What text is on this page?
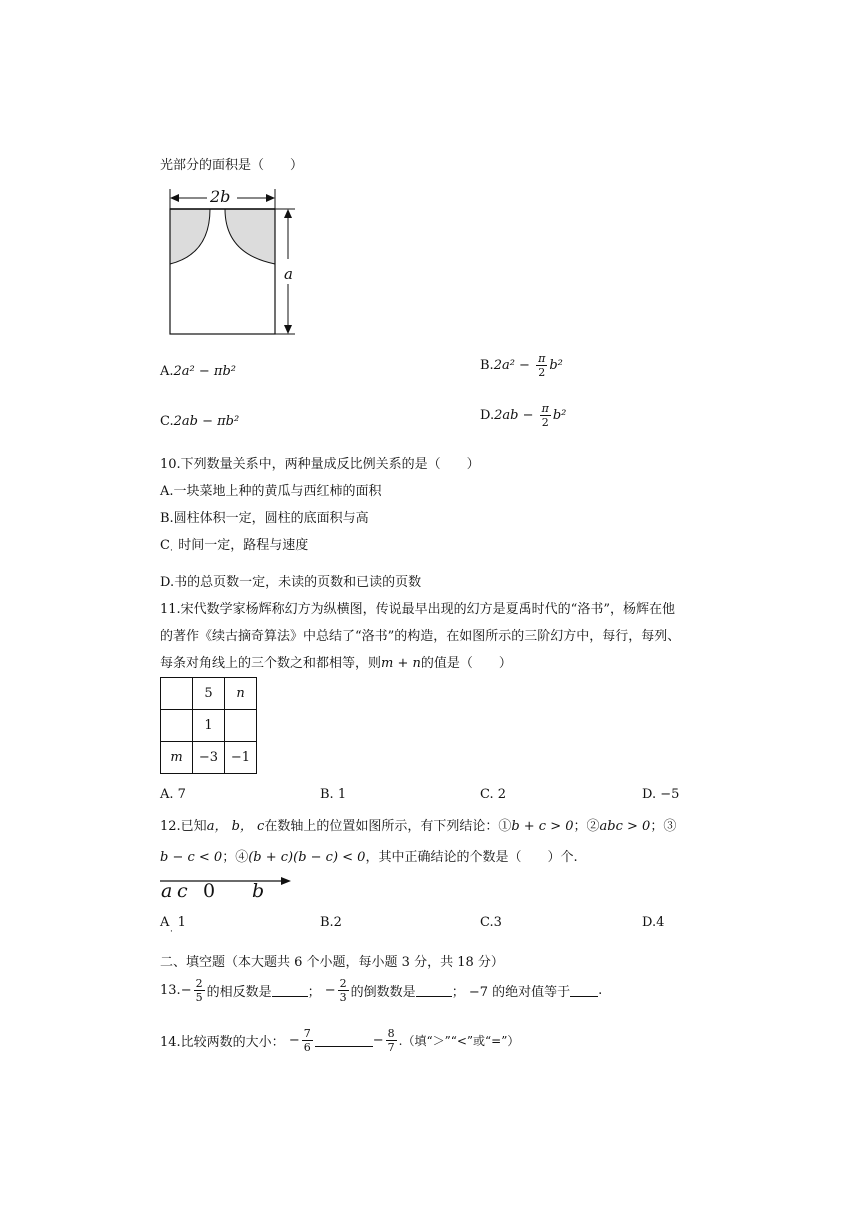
光部分的面积是（　　）
2b
a
A.2a² − πb²	$B.2a^2 - \frac{\pi}{2} b^2$
C.2ab − πb²	$D.2ab - \frac{\pi}{2} b^2$
10.下列数量关系中，两种量成反比例关系的是（　　）
A.一块菜地上种的黄瓜与西红柿的面积
B.圆柱体积一定，圆柱的底面积与高
C 时间一定，路程与速度
·
D.书的总页数一定，未读的页数和已读的页数
11.宋代数学家杨辉称幻方为纵横图，传说最早出现的幻方是夏禹时代的“洛书”，杨辉在他
的著作《续古摘奇算法》中总结了“洛书”的构造，在如图所示的三阶幻方中，每行，每列、
每条对角线上的三个数之和都相等，则m + n的值是（　　）
	5	n
	1	
m	−3	−1
A. 7	B. 1	C. 2	D. −5
12.已知a， b， c在数轴上的位置如图所示，有下列结论：①b + c > 0；②abc > 0；③
b − c < 0；④(b + c)(b − c) < 0，其中正确结论的个数是（　　）个.
a c 0 b
A 1
·
B.2	C.3	D.4
二、填空题（本大题共 6 个小题，每小题 3 分，共 18 分）
$13.- \frac{2}{5}$ 的相反数是	； − $\frac{2}{3}$ 的倒数数是	； −7 的绝对值等于 .
14.比较两数的大小： − $\frac{7}{6}$	− $\frac{8}{7}$ .（填“＞”“<”或“=”）
